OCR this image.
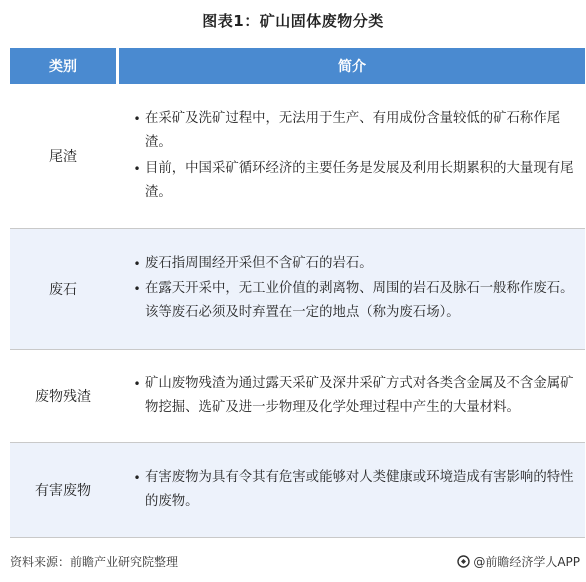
图表1：矿山固体废物分类
类别	简介
尾渣
• 在采矿及洗矿过程中，无法用于生产、有用成份含量较低的矿石称作尾渣。
• 目前，中国采矿循环经济的主要任务是发展及利用长期累积的大量现有尾渣。
废石
• 废石指周围经开采但不含矿石的岩石。
• 在露天开采中，无工业价值的剥离物、周围的岩石及脉石一般称作废石。该等废石必须及时弃置在一定的地点（称为废石场）。
废物残渣
• 矿山废物残渣为通过露天采矿及深井采矿方式对各类含金属及不含金属矿物挖掘、选矿及进一步物理及化学处理过程中产生的大量材料。
有害废物
• 有害废物为具有令其有危害或能够对人类健康或环境造成有害影响的特性的废物。
资料来源：前瞻产业研究院整理	@前瞻经济学人APP
